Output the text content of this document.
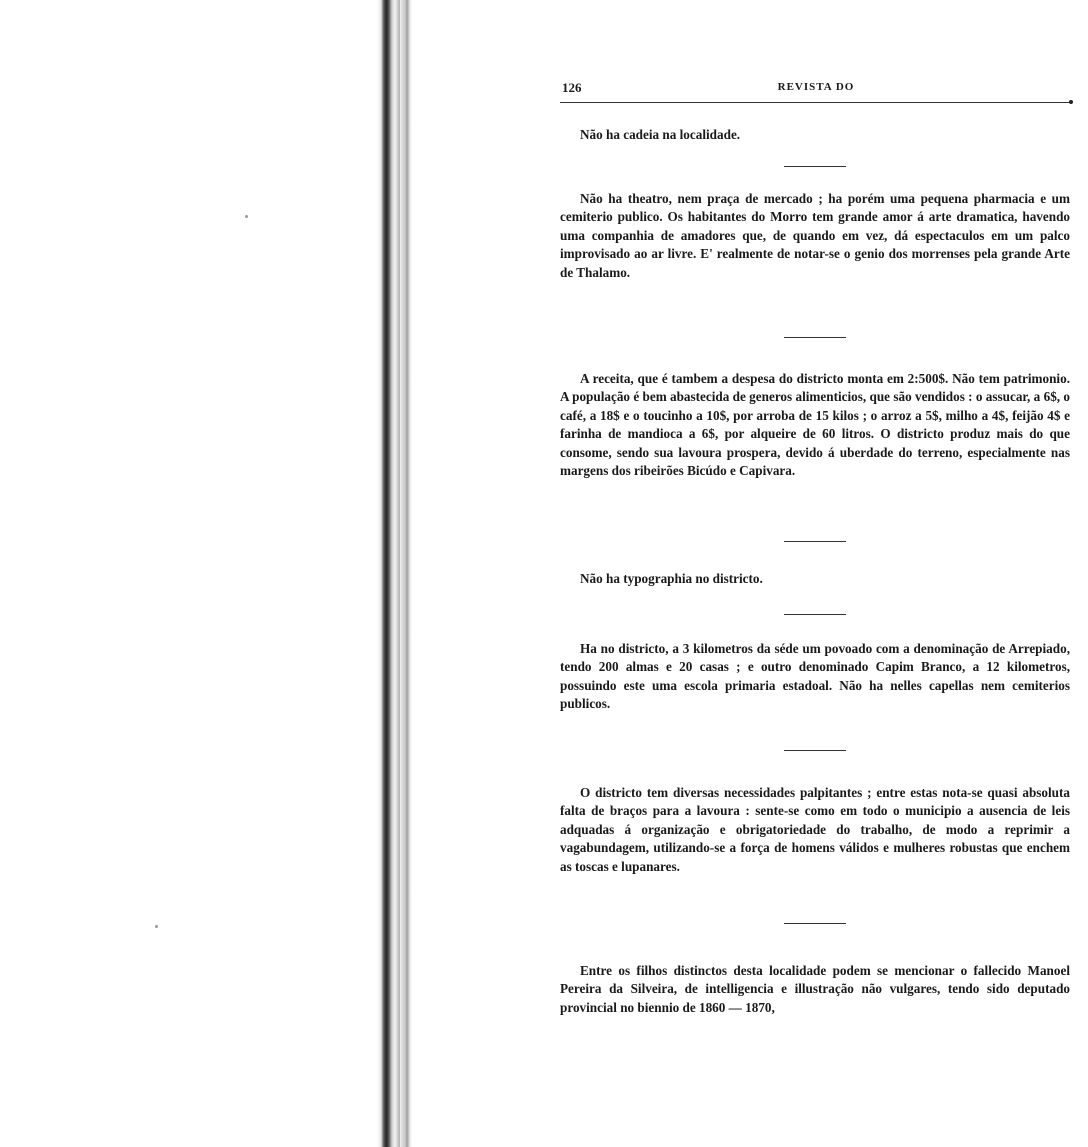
126	REVISTA DO

Não ha cadeia na localidade.

Não ha theatro, nem praça de mercado ; ha porém uma pequena pharmacia e um cemiterio publico. Os habitantes do Morro tem grande amor á arte dramatica, havendo uma companhia de amadores que, de quando em vez, dá espectaculos em um palco improvisado ao ar livre. E' realmente de notar-se o genio dos morrenses pela grande Arte de Thalamo.

A receita, que é tambem a despesa do districto monta em 2:500$. Não tem patrimonio. A população é bem abastecida de generos alimenticios, que são vendidos : o assucar, a 6$, o café, a 18$ e o toucinho a 10$, por arroba de 15 kilos ; o arroz a 5$, milho a 4$, feijão 4$ e farinha de mandioca a 6$, por alqueire de 60 litros. O districto produz mais do que consome, sendo sua lavoura prospera, devido á uberdade do terreno, especialmente nas margens dos ribeirões Bicúdo e Capivara.

Não ha typographia no districto.

Ha no districto, a 3 kilometros da séde um povoado com a denominação de Arrepiado, tendo 200 almas e 20 casas ; e outro denominado Capim Branco, a 12 kilometros, possuindo este uma escola primaria estadoal. Não ha nelles capellas nem cemiterios publicos.

O districto tem diversas necessidades palpitantes ; entre estas nota-se quasi absoluta falta de braços para a lavoura : sente-se como em todo o municipio a ausencia de leis adquadas á organização e obrigatoriedade do trabalho, de modo a reprimir a vagabundagem, utilizando-se a força de homens válidos e mulheres robustas que enchem as toscas e lupanares.

Entre os filhos distinctos desta localidade podem se mencionar o fallecido Manoel Pereira da Silveira, de intelligencia e illustração não vulgares, tendo sido deputado provincial no biennio de 1860 — 1870,
